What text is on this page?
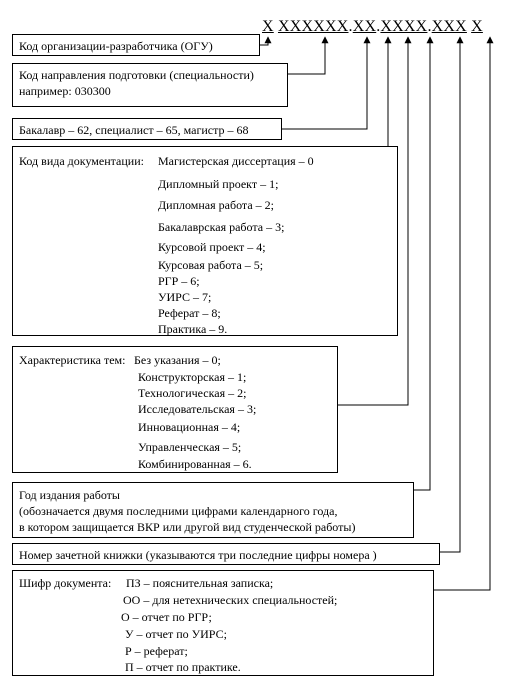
X XXXXXX.XX.XXXX.XXX X
Код организации-разработчика (ОГУ)
Код направления подготовки (специальности)
например: 030300
Бакалавр – 62, специалист – 65, магистр – 68
Код вида документации: Магистерская диссертация – 0
Дипломный проект – 1;
Дипломная работа – 2;
Бакалаврская работа – 3;
Курсовой проект – 4;
Курсовая работа – 5;
РГР – 6;
УИРС – 7;
Реферат – 8;
Практика – 9.
Характеристика тем: Без указания – 0;
Конструкторская – 1;
Технологическая – 2;
Исследовательская – 3;
Инновационная – 4;
Управленческая – 5;
Комбинированная – 6.
Год издания работы
(обозначается двумя последними цифрами календарного года,
в котором защищается ВКР или другой вид студенческой работы)
Номер зачетной книжки (указываются три последние цифры номера )
Шифр документа: ПЗ – пояснительная записка;
ОО – для нетехнических специальностей;
О – отчет по РГР;
У – отчет по УИРС;
Р – реферат;
П – отчет по практике.
